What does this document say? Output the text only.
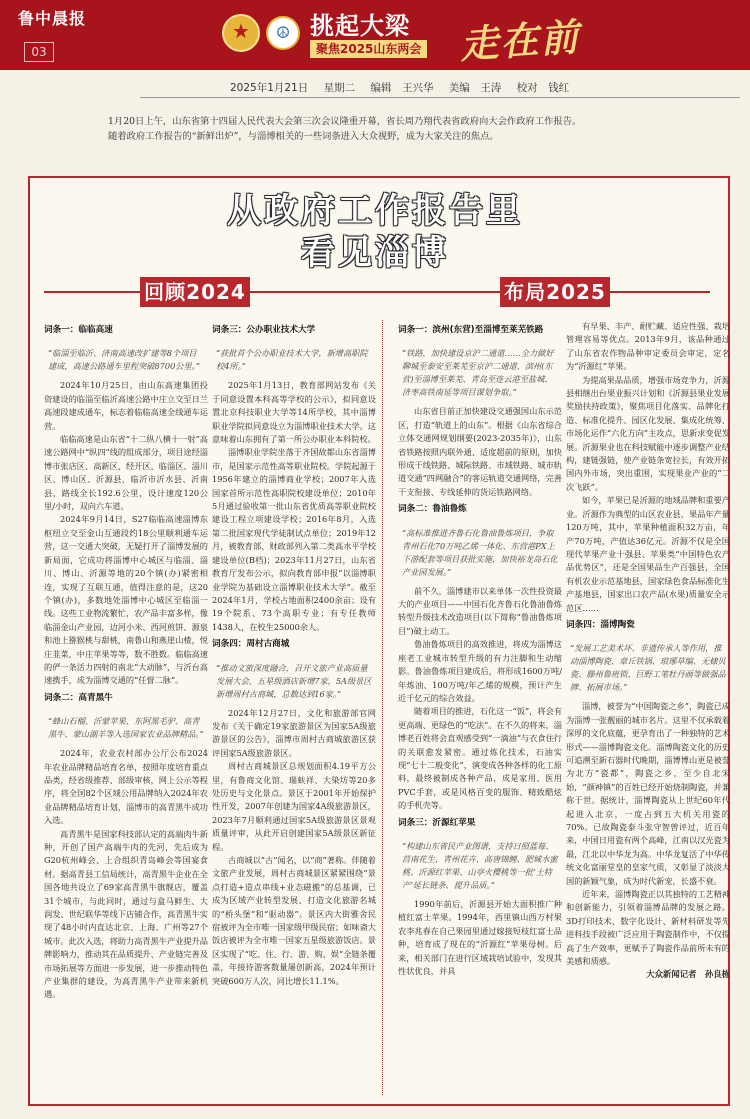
鲁中晨报
03
★
☮ 挑起大梁
聚焦2025山东两会 走在前
2025年1月21日 星期二 编辑　王兴华 美编　王涛 校对　钱红

1月20日上午，山东省第十四届人民代表大会第三次会议隆重开幕，省长周乃翔代表省政府向大会作政府工作报告。

随着政府工作报告的“新鲜出炉”，与淄博相关的一些词条进入大众视野，成为大家关注的焦点。

从政府工作报告里
看见淄博
回顾2024	布局2025
词条一：临临高速
“临淄至临沂、济南高速改扩建等8个项目建成，高速公路通车里程突破8700公里。”

2024年10月25日，由山东高速集团投资建设的临淄至临沂高速公路中庄立交至日兰高速段建成通车，标志着临临高速全线通车运营。

临临高速是山东省“十二纵八横十一射”高速公路网中“纵四”线的组成部分，项目途经淄博市张店区、高新区、经开区、临淄区、淄川区、博山区、沂源县，临沂市沂水县、沂南县，路线全长192.6公里，设计速度120公里/小时，双向六车道。

2024年9月14日，S27临临高速淄博东枢纽立交至金山互通段约18公里顺利通车运营，这一交通大突破，无疑打开了淄博发展的新局面，它成功将淄博中心城区与临淄、淄川、博山、沂源等地的20个镇(办)紧密相连，实现了互联互通，值得注意的是，这20个镇(办)，多数地处淄博中心城区至临淄一线。这些工业物流繁忙，农产品丰富多样，像临淄金山产业园，边河小米、西河煎饼、源泉和池上猕猴桃与甜桃，南鲁山和燕崖山楂，悦庄韭菜，中庄苹果等等，数不胜数。临临高速的俨一条活力四射的南北“大动脉”，与沂台高速携手，成为淄博交通的“任督二脉”。

词条二：高青黑牛
“蜂山石榴、沂蒙苹果、东阿黑毛驴、高青黑牛、蒙山湖羊等入选国家农业品牌精品。”

2024年，农业农村部办公厅公布2024年农业品牌精品培育名单，按照年度培育重点品类，经省级推荐、部级审核，网上公示等程序，将全国82个区域公用品牌纳入2024年农业品牌精品培育计划，淄博市的高青黑牛成功入选。

高青黑牛是国家科技部认定的高端肉牛新种，开创了国产高端牛肉的先河，先后成为G20杭州峰会、上合组织青岛峰会等国宴食材。据高青县工信局统计，高青黑牛企业在全国各地共设立了69家高青黑牛旗舰店，覆盖31个城市，与此同时，通过与盒马鲜生、大润发、世纪联华等线下店铺合作，高青黑牛实现了48小时内直达北京、上海、广州等27个城市。此次入选，将助力高青黑牛产业提升品牌影响力，推动其在品质提升、产业链完善及市场拓展等方面进一步发展，进一步推动特色产业集群的建设，为高青黑牛产业带来新机遇。

词条三：公办职业技术大学
“获批首个公办职业技术大学，新增高职院校4所。”

2025年1月13日，教育部网站发布《关于同意设置本科高等学校的公示》，拟同意设置北京科技职业大学等14所学校，其中淄博职业学院拟同意设立为淄博职业技术大学。这意味着山东拥有了第一所公办职业本科院校。

淄博职业学院坐落于齐国故都山东省淄博市，是国家示范性高等职业院校。学院起源于1956年建立的淄博商业学校；2007年入选国家首所示范性高职院校建设单位；2010年5月通过验收第一批山东省优质高等职业院校建设工程立项建设学校；2016年8月，入选第二批国家现代学徒制试点单位；2019年12月，被教育部、财政部列入第二类高水平学校建设单位(B档)；2023年11月27日，山东省教育厅发布公示，拟向教育部申报“以淄博职业学院为基础设立淄博职业技术大学”。截至2024年1月，学校占地面积2400余亩；设有19个院系、73个高职专业；有专任教师1438人，在校生25000余人。

词条四：周村古商城
“推动文旅深度融合，召开文旅产业高质量发展大会，五星级酒店新增7家，5A级景区新增周村古商城，总数达到16家。”

2024年12月27日，文化和旅游部官网发布《关于确定19家旅游景区为国家5A级旅游景区的公告》，淄博市周村古商城旅游区获评国家5A级旅游景区。

周村古商城景区总规划面积4.19平方公里，有鲁商文化馆、瑞蚨祥、大染坊等20多处历史与文化景点。景区于2001年开始保护性开发，2007年创建为国家4A级旅游景区，2023年7月顺利通过国家5A级旅游景区景观质量评审，从此开启创建国家5A级景区新征程。

古商城以“古”闻名，以“商”著称。伴随着文旅产业发展，周村古商城景区紧紧围绕“景点打造+造点串线+业态磁搬”的总基调，已成为区域产业转型发展、打造文化旅游名城的“桥头堡”和“驱动器”。景区内大街雅舍民宿被评为全市唯一国家级甲级民宿；如味斋大饭店被评为全市唯一国家五星级旅游饭店。景区实现了“吃、住、行、游、购、娱”全链条覆盖，年接待游客数量屡创新高，2024年预计突破600万人次，同比增长11.1%。

词条一：滨州(东营)至淄博至莱芜铁路
“铁路，加快建设京沪二通道……全力做好聊城至泰安至莱芜至京沪二通道、滨州(东营)至淄博至莱芜、青岛至连云港至盐城、济枣高铁南延等项目谋划争取。”

山东省目前正加快建设交通强国山东示范区，打造“轨道上的山东”。根据《山东省综合立体交通网规划纲要(2023-2035年)》，山东省铁路按照内联外通、适度超前的原则，加快形成干线铁路、城际铁路、市域铁路、城市轨道交通“四网融合”的客运轨道交通网络，完善干支衔接、专线延伸的货运铁路网络。

词条二：鲁油鲁炼
“高标准推进齐鲁石化鲁油鲁炼项目，争取青州石化70万吨乙烯一体化、东营港PX上下游配套等项目获批实施，加快裕龙岛石化产业园发展。”

前不久，淄博建市以来单体一次性投资最大的产业项目——中国石化齐鲁石化鲁油鲁炼转型升级技术改造项目(以下简称“鲁油鲁炼项目”)破土动工。

鲁油鲁炼项目的高效推进，将成为淄博这座老工业城市转型升级的有力注脚和生动缩影。鲁油鲁炼项目建成后，将形成1600万吨/年炼油、100万吨/年乙烯的规模，预计产生近千亿元的综合效益。

随着项目的推进，石化这一“饭”，将会有更高端、更绿色的“吃法”。在不久的将来，淄博老百姓将会直观感受到“一滴油”与衣食住行的关联愈发紧密。通过炼化技术，石油实现“七十二般变化”，演变成各种各样的化工原料，最终被制成各种产品，成是家用、医用PVC手套，或是风格百变的服饰、精致酷炫的手机壳等。

词条三：沂源红苹果
“构建山东省民产业图谱，支持日照蓝莓、莒南花生、青州花卉、高唐锦鲤、肥城水蜜桃、沂源红苹果、山亭火樱桃等一批‘土特产’延长链条、提升品质。”

1990年前后，沂源县开始大面积推广种植红富士苹果。1994年，西里镇山西万村果农李兆春在自己果园里通过嫁接短枝红富士品种，培育成了现在的“沂源红”苹果母树。后来，相关部门在进行区域栽培试验中，发现其性状优良，并具

有早果、丰产、耐贮藏、适应性强、栽培管理容易等优点。2013年9月，该品种通过了山东省农作物品种审定委员会审定，定名为“沂源红”苹果。

为提高果品品质，增强市场竞争力，沂源县相继出台果业振兴计划和《沂源县果业发展奖励扶持政策》，聚焦项目化落实、品牌化打造、标准化提升、园区化发展、集成化统筹、市场化运作“六化方向”主攻点，思新求变促发展。沂源果业也在科技赋能中逐步调整产业结构，建链强链，使产业链条宽拉长，有效开拓国内外市场，突出重围，实现果业产业的“二次飞跃”。

如今，苹果已是沂源的地域品牌和重要产业。沂源作为典型的山区农业县，果品年产量120万吨，其中，苹果种植面积32万亩，年产70万吨，产值达36亿元。沂源不仅是全国现代苹果产业十强县、苹果类“中国特色农产品优势区”，还是全国果品生产百强县，全国有机农业示范基地县，国家绿色食品标准化生产基地县，国家出口农产品(水果)质量安全示范区……

词条四：淄博陶瓷
“发展工艺美术坏、非遗传承人等作用，推动淄博陶瓷、章丘铁锅、琅琊草编、无棣贝瓷、滕州鲁班锁、巨野工笔牡丹画等做强品牌、拓展市场。”

淄博，被誉为“中国陶瓷之乡”，陶瓷已成为淄博一张靓丽的城市名片。这里不仅承载着深厚的文化底蕴，更孕育出了一种独特的艺术形式——淄博陶瓷文化。淄博陶瓷文化的历史可追溯至新石器时代晚期，淄博博山更是被誉为北方“瓷都”，陶瓷之乡，至少自北宋始，“颜神镇”的百姓已经开始烧制陶瓷，并兼称于世。据统计，淄博陶瓷从上世纪60年代起进入北京，一度占到五大机关用瓷的70%。已故陶瓷泰斗张守智曾评过，近百年来，中国日用瓷有两个高峰，江南以汉光瓷为最，江北以中华龙为高。中华龙复活了中华传统文化富丽堂皇的皇家气质，又彰显了淡淡大国的新颖气象，成为时代新宠，长盛不衰。

近年来，淄博陶瓷正以其独特的工艺精神和创新能力，引领着淄博品牌的发展之路。3D打印技术、数字化设计、新材料研发等先进科技手段被广泛应用于陶瓷制作中，不仅提高了生产效率，更赋予了陶瓷作品前所未有的美感和质感。

大众新闻记者　孙良栋
